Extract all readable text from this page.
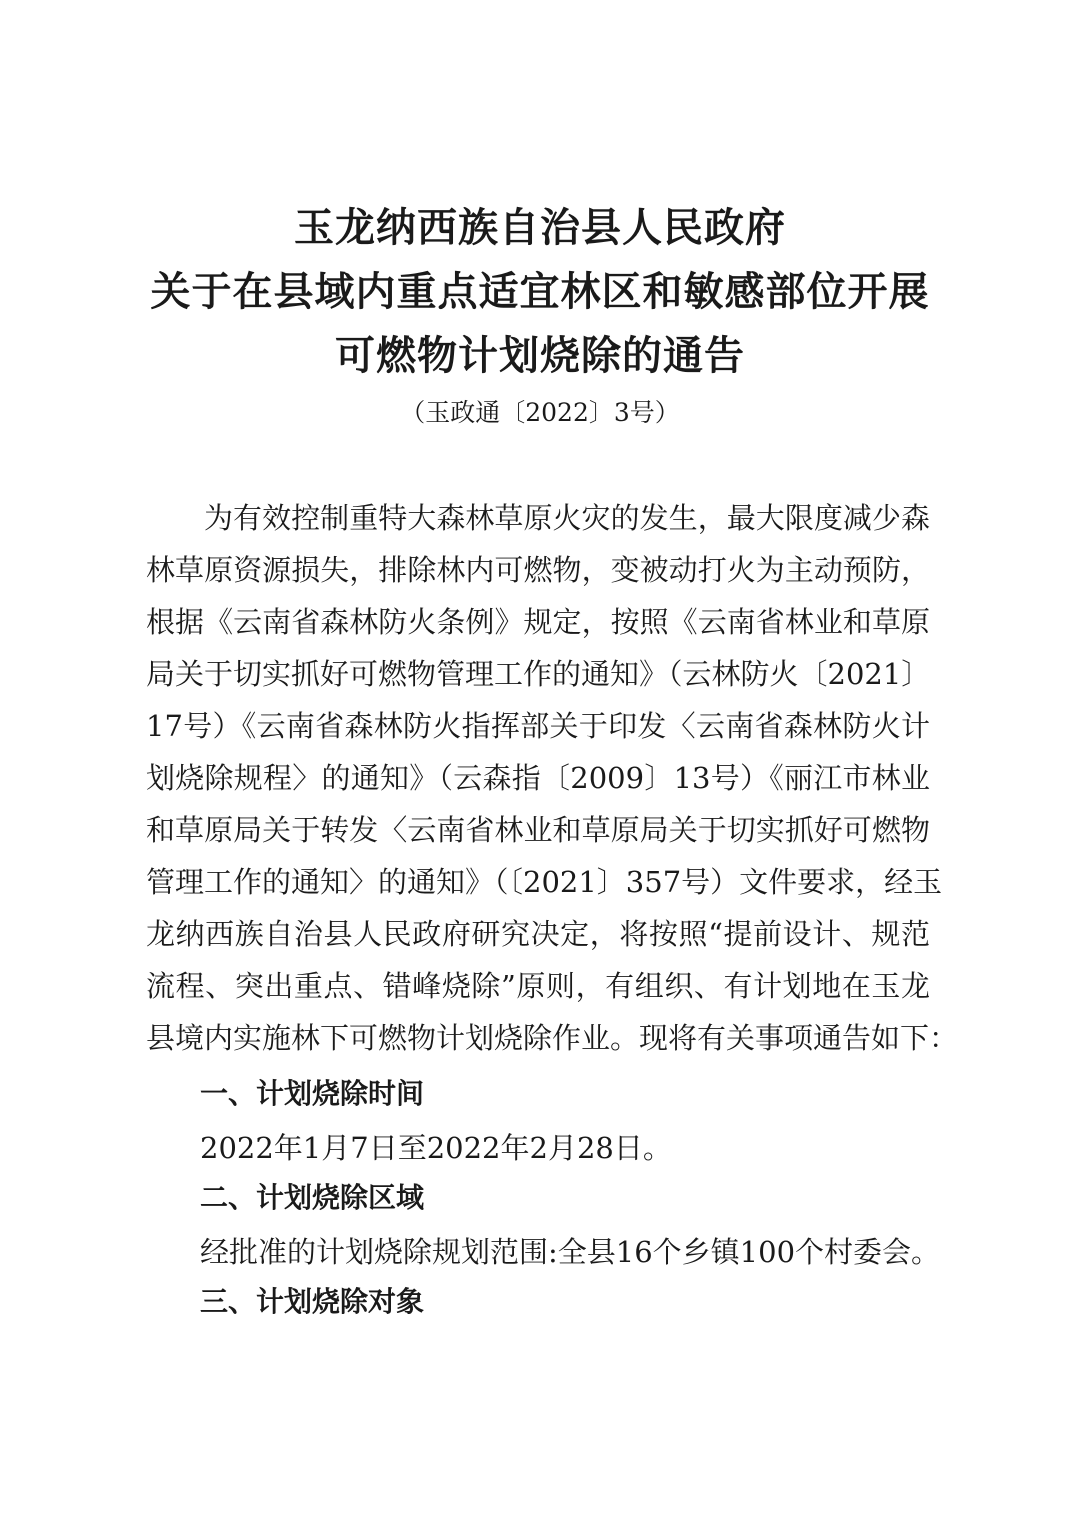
玉龙纳西族自治县人民政府
关于在县域内重点适宜林区和敏感部位开展
可燃物计划烧除的通告
（玉政通〔2022〕3号）
为有效控制重特大森林草原火灾的发生，最大限度减少森
林草原资源损失，排除林内可燃物，变被动打火为主动预防，
根据《云南省森林防火条例》规定，按照《云南省林业和草原
局关于切实抓好可燃物管理工作的通知》（云林防火〔2021〕
17号）《云南省森林防火指挥部关于印发〈云南省森林防火计
划烧除规程〉的通知》（云森指〔2009〕13号）《丽江市林业
和草原局关于转发〈云南省林业和草原局关于切实抓好可燃物
管理工作的通知〉的通知》（〔2021〕357号）文件要求，经玉
龙纳西族自治县人民政府研究决定，将按照“提前设计、规范
流程、突出重点、错峰烧除”原则，有组织、有计划地在玉龙
县境内实施林下可燃物计划烧除作业。现将有关事项通告如下：
一、计划烧除时间
2022年1月7日至2022年2月28日。
二、计划烧除区域
经批准的计划烧除规划范围:全县16个乡镇100个村委会。
三、计划烧除对象
